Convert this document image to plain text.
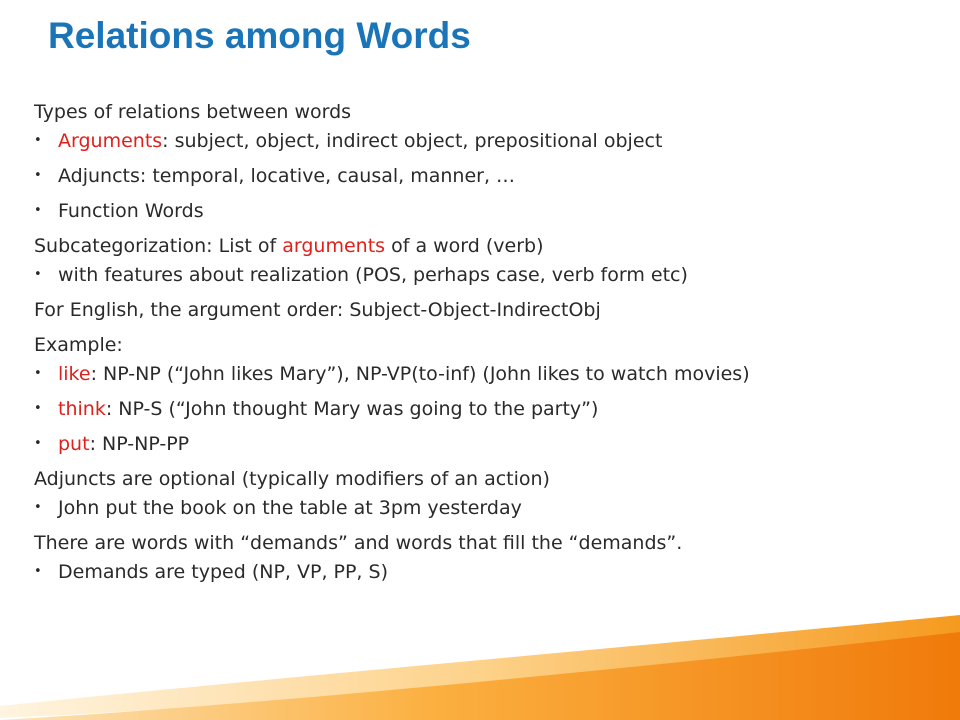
Relations among Words
Types of relations between words
• Arguments: subject, object, indirect object, prepositional object
• Adjuncts: temporal, locative, causal, manner, …
• Function Words
Subcategorization: List of arguments of a word (verb)
• with features about realization (POS, perhaps case, verb form etc)
For English, the argument order: Subject-Object-IndirectObj
Example:
• like: NP-NP (“John likes Mary”), NP-VP(to-inf) (John likes to watch movies)
• think: NP-S (“John thought Mary was going to the party”)
• put: NP-NP-PP
Adjuncts are optional (typically modifiers of an action)
• John put the book on the table at 3pm yesterday
There are words with “demands” and words that fill the “demands”.
• Demands are typed (NP, VP, PP, S)
